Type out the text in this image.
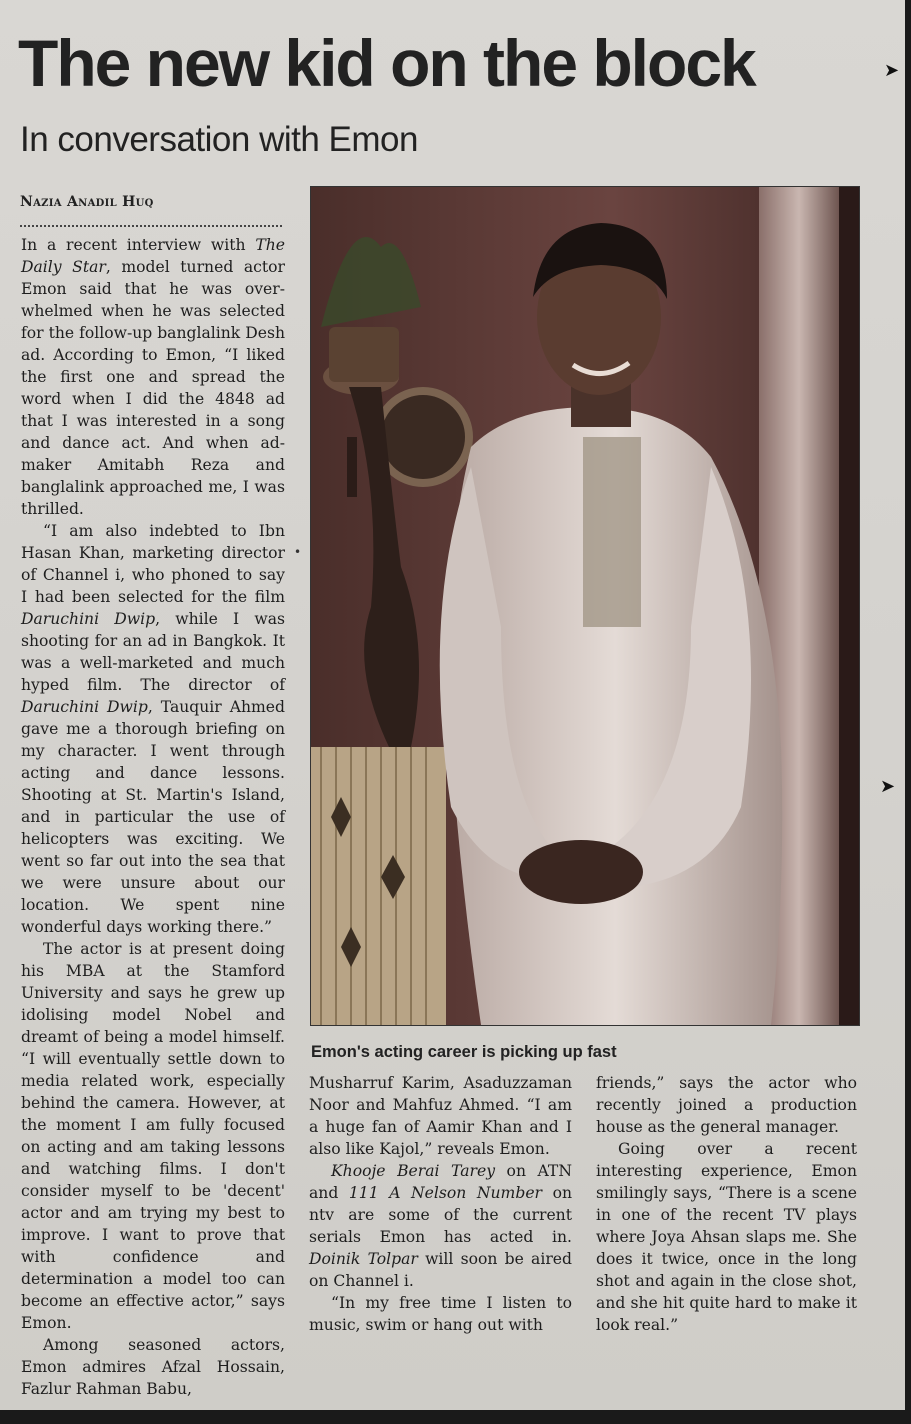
The new kid on the block
In conversation with Emon
Nazia Anadil Huq

In a recent interview with The Daily Star, model turned actor Emon said that he was over-whelmed when he was selected for the follow-up banglalink Desh ad. According to Emon, “I liked the first one and spread the word when I did the 4848 ad that I was interested in a song and dance act. And when ad-maker Amitabh Reza and banglalink approached me, I was thrilled.

“I am also indebted to Ibn Hasan Khan, marketing director of Channel i, who phoned to say I had been selected for the film Daruchini Dwip, while I was shooting for an ad in Bangkok. It was a well-marketed and much hyped film. The director of Daruchini Dwip, Tauquir Ahmed gave me a thorough briefing on my character. I went through acting and dance lessons. Shooting at St. Martin's Island, and in particular the use of helicopters was exciting. We went so far out into the sea that we were unsure about our location. We spent nine wonderful days working there.”

The actor is at present doing his MBA at the Stamford University and says he grew up idolising model Nobel and dreamt of being a model himself. “I will eventually settle down to media related work, especially behind the camera. However, at the moment I am fully focused on acting and am taking lessons and watching films. I don't consider myself to be 'decent' actor and am trying my best to improve. I want to prove that with confidence and determination a model too can become an effective actor,” says Emon.

Among seasoned actors, Emon admires Afzal Hossain, Fazlur Rahman Babu,

Emon's acting career is picking up fast

Musharruf Karim, Asaduzzaman Noor and Mahfuz Ahmed. “I am a huge fan of Aamir Khan and I also like Kajol,” reveals Emon.

Khooje Berai Tarey on ATN and 111 A Nelson Number on ntv are some of the current serials Emon has acted in. Doinik Tolpar will soon be aired on Channel i.

“In my free time I listen to music, swim or hang out with

friends,” says the actor who recently joined a production house as the general manager.

Going over a recent interesting experience, Emon smilingly says, “There is a scene in one of the recent TV plays where Joya Ahsan slaps me. She does it twice, once in the long shot and again in the close shot, and she hit quite hard to make it look real.”

➤
➤
•
